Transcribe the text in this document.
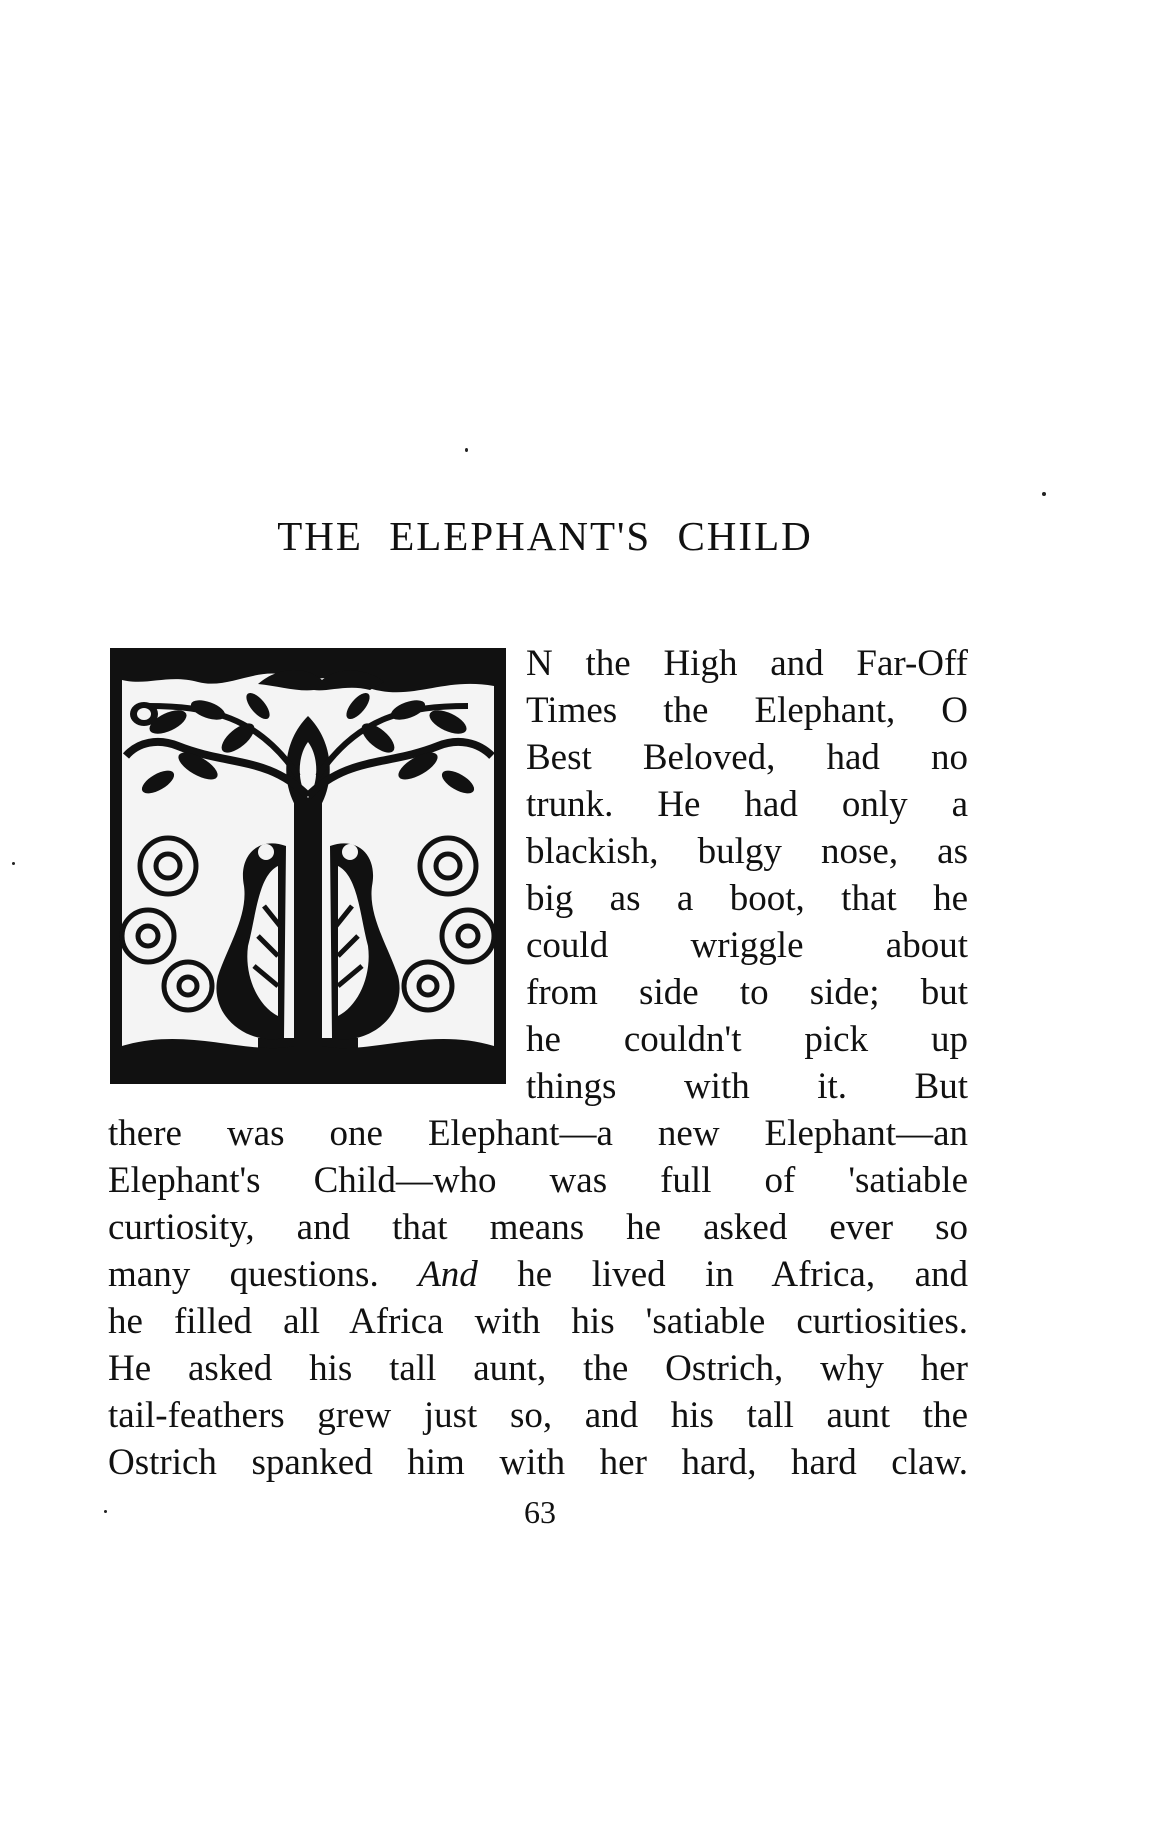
THE ELEPHANT'S CHILD

N the High and Far-Off
Times the Elephant, O
Best Beloved, had no
trunk. He had only a
blackish, bulgy nose, as
big as a boot, that he
could wriggle about
from side to side; but
he couldn't pick up
things with it. But
there was one Elephant—a new Elephant—an
Elephant's Child—who was full of 'satiable
curtiosity, and that means he asked ever so
many questions. And he lived in Africa, and
he filled all Africa with his 'satiable curtiosities.
He asked his tall aunt, the Ostrich, why her
tail-feathers grew just so, and his tall aunt the
Ostrich spanked him with her hard, hard claw.

63
